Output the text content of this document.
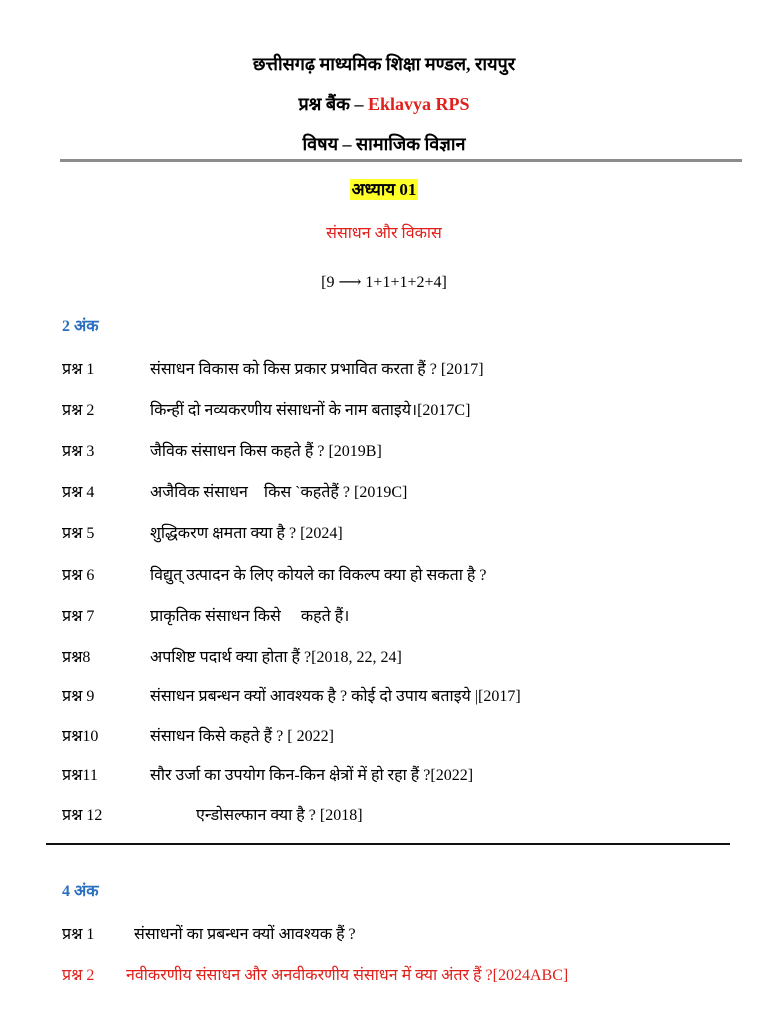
छत्तीसगढ़ माध्यमिक शिक्षा मण्डल, रायपुर
प्रश्न बैंक – Eklavya RPS
विषय – सामाजिक विज्ञान
अध्याय 01
संसाधन और विकास
[9 ⟶ 1+1+1+2+4]
2 अंक
प्रश्न 1	संसाधन विकास को किस प्रकार प्रभावित करता हैं ? [2017]
प्रश्न 2	किन्हीं दो नव्यकरणीय संसाधनों के नाम बताइये।[2017C]
प्रश्न 3	जैविक संसाधन किस कहते हैं ? [2019B]
प्रश्न 4	अजैविक संसाधन    किस `कहतेहैं ? [2019C]
प्रश्न 5	शुद्धिकरण क्षमता क्या है ? [2024]
प्रश्न 6	विद्युत् उत्पादन के लिए कोयले का विकल्प क्या हो सकता है ?
प्रश्न 7	प्राकृतिक संसाधन किसे     कहते हैं।
प्रश्न8	अपशिष्ट पदार्थ क्या होता हैं ?[2018, 22, 24]
प्रश्न 9	संसाधन प्रबन्धन क्यों आवश्यक है ? कोई दो उपाय बताइये |[2017]
प्रश्न10	संसाधन किसे कहते हैं ? [ 2022]
प्रश्न11	सौर उर्जा का उपयोग किन-किन क्षेत्रों में हो रहा हैं ?[2022]
प्रश्न 12	एन्डोसल्फान क्या है ? [2018]
4 अंक
प्रश्न 1 संसाधनों का प्रबन्धन क्यों आवश्यक हैं ?
प्रश्न 2 नवीकरणीय संसाधन और अनवीकरणीय संसाधन में क्या अंतर हैं ?[2024ABC]
